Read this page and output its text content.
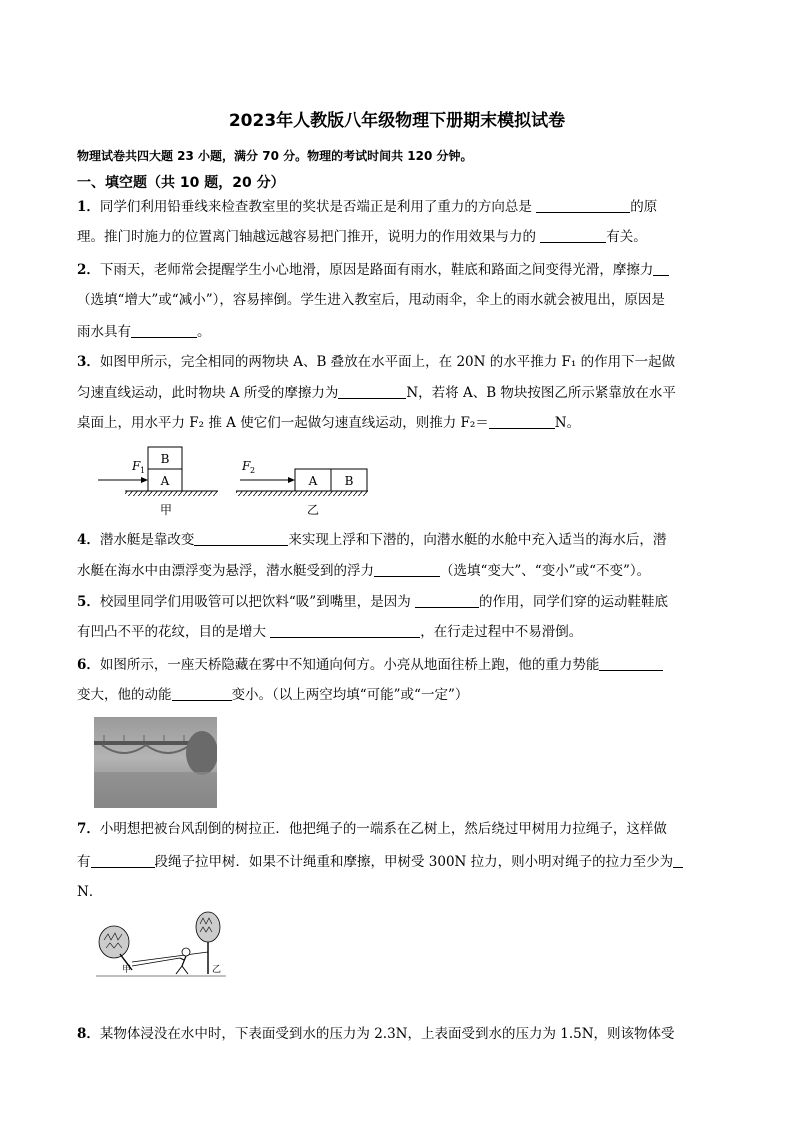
2023年人教版八年级物理下册期末模拟试卷
物理试卷共四大题 23 小题，满分 70 分。物理的考试时间共 120 分钟。
一、填空题（共 10 题，20 分）
1．同学们利用铅垂线来检查教室里的奖状是否端正是利用了重力的方向总是	的原
理。推门时施力的位置离门轴越远越容易把门推开，说明力的作用效果与力的	有关。
2．下雨天，老师常会提醒学生小心地滑，原因是路面有雨水，鞋底和路面之间变得光滑，摩擦力
（选填“增大”或“减小”），容易摔倒。学生进入教室后，甩动雨伞，伞上的雨水就会被甩出，原因是
雨水具有	。
3．如图甲所示，完全相同的两物块 A、B 叠放在水平面上，在 20N 的水平推力 F₁ 的作用下一起做
匀速直线运动，此时物块 A 所受的摩擦力为	N，若将 A、B 物块按图乙所示紧靠放在水平
桌面上，用水平力 F₂ 推 A 使它们一起做匀速直线运动，则推力 F₂＝	N。
B
A
F 1
甲
A B
F 2
乙
4．潜水艇是靠改变	来实现上浮和下潜的，向潜水艇的水舱中充入适当的海水后，潜
水艇在海水中由漂浮变为悬浮，潜水艇受到的浮力	（选填“变大”、“变小”或“不变”）。
5．校园里同学们用吸管可以把饮料“吸”到嘴里，是因为	的作用，同学们穿的运动鞋鞋底
有凹凸不平的花纹，目的是增大	，在行走过程中不易滑倒。
6．如图所示，一座天桥隐藏在雾中不知通向何方。小亮从地面往桥上跑，他的重力势能
变大，他的动能	变小。（以上两空均填“可能”或“一定”）
7．小明想把被台风刮倒的树拉正．他把绳子的一端系在乙树上，然后绕过甲树用力拉绳子，这样做
有	段绳子拉甲树．如果不计绳重和摩擦，甲树受 300N 拉力，则小明对绳子的拉力至少为
N．
甲	乙
8．某物体浸没在水中时，下表面受到水的压力为 2.3N，上表面受到水的压力为 1.5N，则该物体受
